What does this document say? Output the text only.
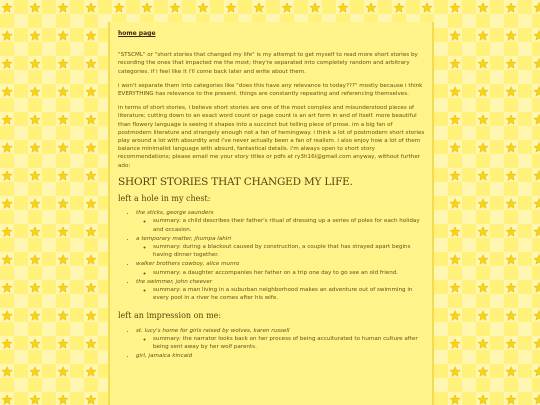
home page

"STSCML" or "short stories that changed my life" is my attempt to get myself to read more short stories by recording the ones that impacted me the most; they're separated into completely random and arbitrary categories. if i feel like it i'll come back later and write about them.

i won't separate them into categories like "does this have any relevance to today???" mostly because i think EVERYTHING has relevance to the present. things are constantly repeating and referencing themselves.

in terms of short stories, i believe short stories are one of the most complex and misunderstood pieces of literature; cutting down to an exact word count or page count is an art form in and of itself. more beautiful than flowery language is seeing it shapes into a succinct but telling piece of prose. im a big fan of postmodern literature and strangely enough not a fan of hemingway. i think a lot of postmodern short stories play around a lot with absurdity and i've never actually been a fan of realism. i also enjoy how a lot of them balance minimalist language with absurd, fantastical details. i'm always open to short story recommendations; please email me your story titles or pdfs at ry3h16l@gmail.com anyway, without further ado:

SHORT STORIES THAT CHANGED MY LIFE.
left a hole in my chest:
• the sticks, george saunders
◦ summary: a child describes their father's ritual of dressing up a series of poles for each holiday and occasion.
• a temporary matter, jhumpa lahiri
◦ summary: during a blackout caused by construction, a couple that has strayed apart begins having dinner together.
• walker brothers cowboy, alice munro
◦ summary: a daughter accompanies her father on a trip one day to go see an old friend.
• the swimmer, john cheever
◦ summary: a man living in a suburban neighborhood makes an adventure out of swimming in every pool in a river he comes after his wife.
left an impression on me:
• st. lucy's home for girls raised by wolves, karen russell
◦ summary: the narrator looks back on her process of being acculturated to human culture after being sent away by her wolf parents.
• girl, jamaica kincaid
